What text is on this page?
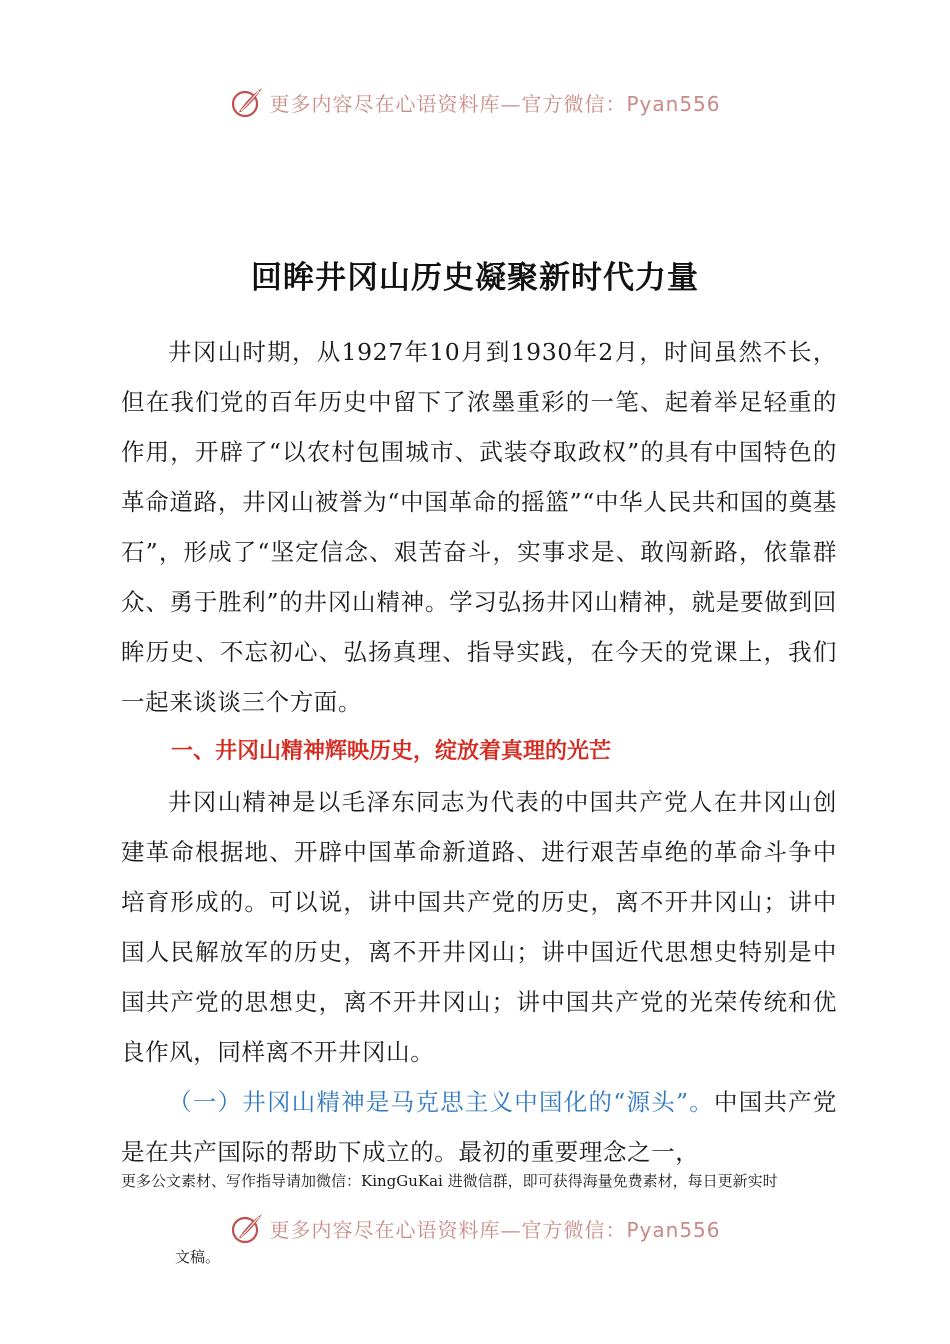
更多内容尽在心语资料库—官方微信：Pyan556
回眸井冈山历史凝聚新时代力量

井冈山时期，从1927年10月到1930年2月，时间虽然不长，但在我们党的百年历史中留下了浓墨重彩的一笔、起着举足轻重的作用，开辟了“以农村包围城市、武装夺取政权”的具有中国特色的革命道路，井冈山被誉为“中国革命的摇篮”“中华人民共和国的奠基石”，形成了“坚定信念、艰苦奋斗，实事求是、敢闯新路，依靠群众、勇于胜利”的井冈山精神。学习弘扬井冈山精神，就是要做到回眸历史、不忘初心、弘扬真理、指导实践，在今天的党课上，我们一起来谈谈三个方面。

一、井冈山精神辉映历史，绽放着真理的光芒

井冈山精神是以毛泽东同志为代表的中国共产党人在井冈山创建革命根据地、开辟中国革命新道路、进行艰苦卓绝的革命斗争中培育形成的。可以说，讲中国共产党的历史，离不开井冈山；讲中国人民解放军的历史，离不开井冈山；讲中国近代思想史特别是中国共产党的思想史，离不开井冈山；讲中国共产党的光荣传统和优良作风，同样离不开井冈山。

（一）井冈山精神是马克思主义中国化的“源头”。中国共产党是在共产国际的帮助下成立的。最初的重要理念之一，

更多公文素材、写作指导请加微信：KingGuKai 进微信群，即可获得海量免费素材，每日更新实时
更多内容尽在心语资料库—官方微信：Pyan556
文稿。
